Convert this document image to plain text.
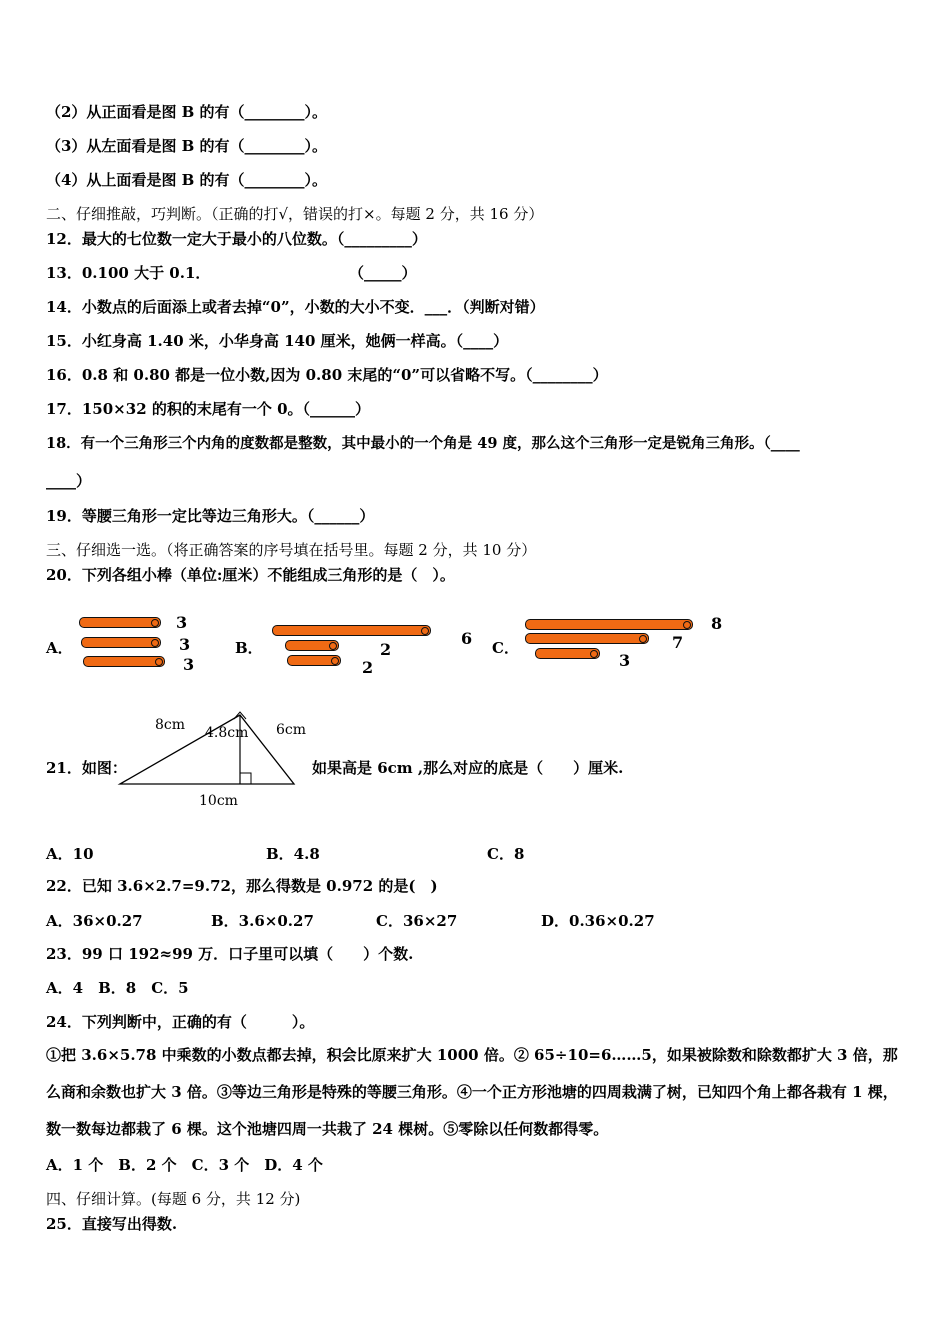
（2）从正面看是图 B 的有（________）。
（3）从左面看是图 B 的有（________）。
（4）从上面看是图 B 的有（________）。
二、仔细推敲，巧判断。（正确的打√，错误的打×。每题 2 分，共 16 分）
12．最大的七位数一定大于最小的八位数。（_________）
13．0.100 大于 0.1．	（_____）
14．小数点的后面添上或者去掉“0”，小数的大小不变．___．（判断对错）
15．小红身高 1.40 米，小华身高 140 厘米，她俩一样高。（____）
16．0.8 和 0.80 都是一位小数,因为 0.80 末尾的“0”可以省略不写。（________）
17．150×32 的积的末尾有一个 0。（______）
18．有一个三角形三个内角的度数都是整数，其中最小的一个角是 49 度，那么这个三角形一定是锐角三角形。（____
____）
19．等腰三角形一定比等边三角形大。（______）
三、仔细选一选。（将正确答案的序号填在括号里。每题 2 分，共 10 分）
20．下列各组小棒（单位:厘米）不能组成三角形的是（　）。
A．
3
3
3
B．	6
2
2
C．
8
7
3
21．如图：
8cm 4.8cm 6cm
10cm
如果高是 6cm ,那么对应的底是（　　）厘米.
A．10	B．4.8	C．8
22．已知 3.6×2.7=9.72，那么得数是 0.972 的是(　)
A．36×0.27	B．3.6×0.27	C．36×27	D．0.36×0.27
23．99 口 192≈99 万．口子里可以填（　　）个数.
A．4　B．8　C．5
24．下列判断中，正确的有（　　　）。
①把 3.6×5.78 中乘数的小数点都去掉，积会比原来扩大 1000 倍。② 65÷10=6……5，如果被除数和除数都扩大 3 倍，那么商和余数也扩大 3 倍。③等边三角形是特殊的等腰三角形。④一个正方形池塘的四周栽满了树，已知四个角上都各栽有 1 棵，数一数每边都栽了 6 棵。这个池塘四周一共栽了 24 棵树。⑤零除以任何数都得零。
A．1 个　B．2 个　C．3 个　D．4 个
四、仔细计算。(每题 6 分，共 12 分)
25．直接写出得数.
